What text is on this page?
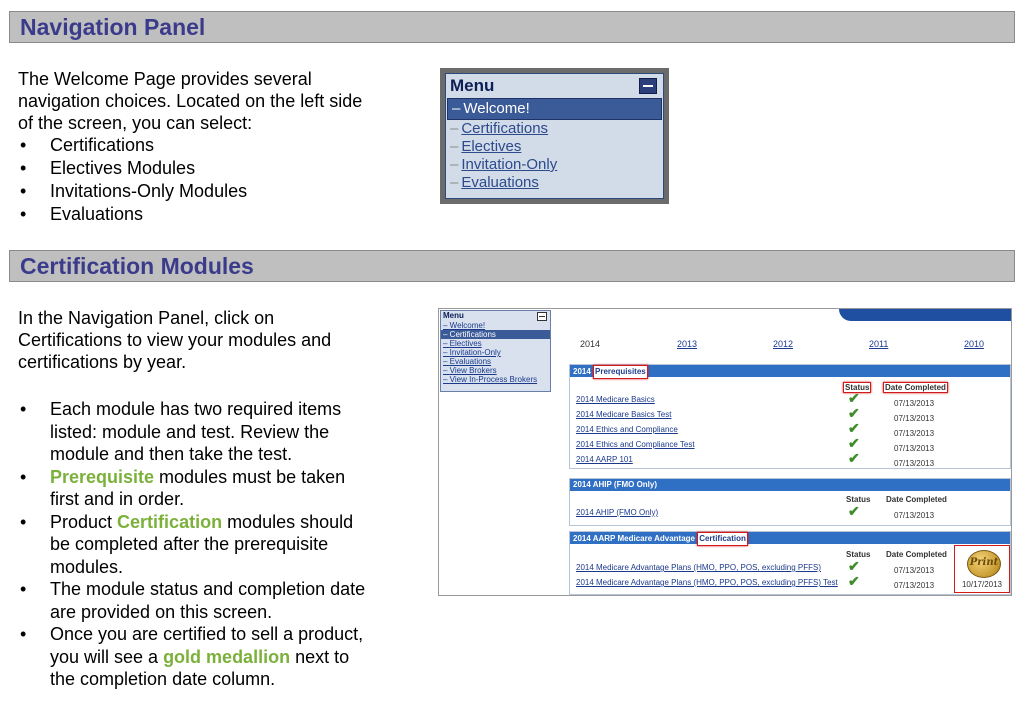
Navigation Panel
The Welcome Page provides several
navigation choices. Located on the left side
of the screen, you can select:
• Certifications
• Electives Modules
• Invitations-Only Modules
• Evaluations
Menu
– Welcome!
– Certifications
– Electives
– Invitation-Only
– Evaluations
Certification Modules
In the Navigation Panel, click on
Certifications to view your modules and
certifications by year.
• Each module has two required items
listed: module and test. Review the
module and then take the test.
• Prerequisite modules must be taken
first and in order.
• Product Certification modules should
be completed after the prerequisite
modules.
• The module status and completion date
are provided on this screen.
• Once you are certified to sell a product,
you will see a gold medallion next to
the completion date column.
Menu
– Welcome!
– Certifications
– Electives
– Invitation-Only
– Evaluations
– View Brokers
– View In-Process Brokers
2014	2013	2012	2011	2010
2014 Prerequisites
Status Date Completed
2014 Medicare Basics	✔	07/13/2013
2014 Medicare Basics Test	✔	07/13/2013
2014 Ethics and Compliance	✔	07/13/2013
2014 Ethics and Compliance Test	✔	07/13/2013
2014 AARP 101	✔	07/13/2013
2014 AHIP (FMO Only)
Status Date Completed
2014 AHIP (FMO Only)	✔	07/13/2013
2014 AARP Medicare Advantage Certification
Status Date Completed
2014 Medicare Advantage Plans (HMO, PPO, POS, excluding PFFS) ✔	07/13/2013
2014 Medicare Advantage Plans (HMO, PPO, POS, excluding PFFS) Test ✔	07/13/2013
Print
10/17/2013
